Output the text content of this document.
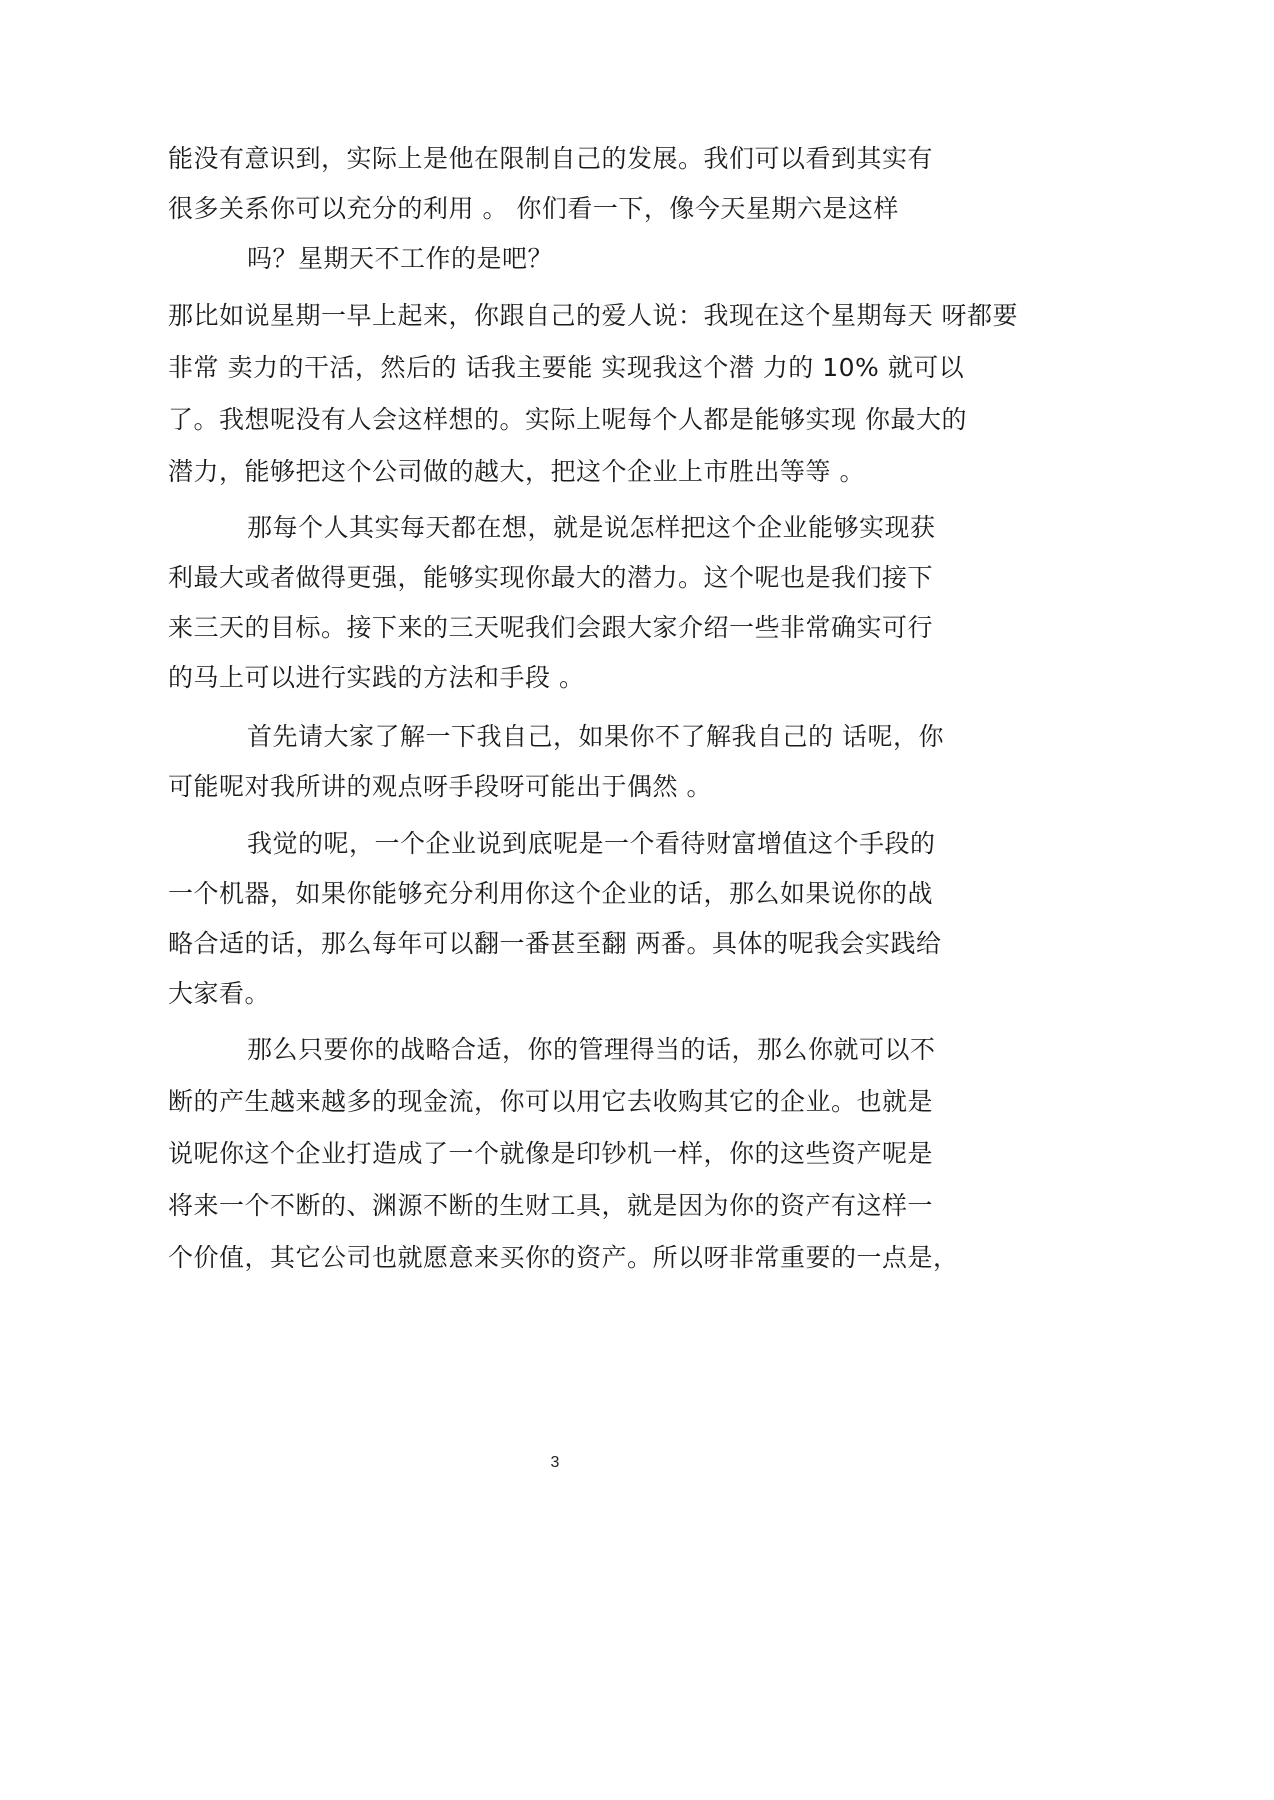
能没有意识到，实际上是他在限制自己的发展。我们可以看到其实有
很多关系你可以充分的利用 。 你们看一下，像今天星期六是这样
吗？星期天不工作的是吧？
那比如说星期一早上起来，你跟自己的爱人说：我现在这个星期每天 呀都要
非常 卖力的干活，然后的 话我主要能 实现我这个潜 力的 10% 就可以
了。我想呢没有人会这样想的。实际上呢每个人都是能够实现 你最大的
潜力，能够把这个公司做的越大，把这个企业上市胜出等等 。
那每个人其实每天都在想，就是说怎样把这个企业能够实现获
利最大或者做得更强，能够实现你最大的潜力。这个呢也是我们接下
来三天的目标。接下来的三天呢我们会跟大家介绍一些非常确实可行
的马上可以进行实践的方法和手段 。
首先请大家了解一下我自己，如果你不了解我自己的 话呢，你
可能呢对我所讲的观点呀手段呀可能出于偶然 。
我觉的呢，一个企业说到底呢是一个看待财富增值这个手段的
一个机器，如果你能够充分利用你这个企业的话，那么如果说你的战
略合适的话，那么每年可以翻一番甚至翻 两番。具体的呢我会实践给
大家看。
那么只要你的战略合适，你的管理得当的话，那么你就可以不
断的产生越来越多的现金流，你可以用它去收购其它的企业。也就是
说呢你这个企业打造成了一个就像是印钞机一样，你的这些资产呢是
将来一个不断的、渊源不断的生财工具，就是因为你的资产有这样一
个价值，其它公司也就愿意来买你的资产。所以呀非常重要的一点是，
3
